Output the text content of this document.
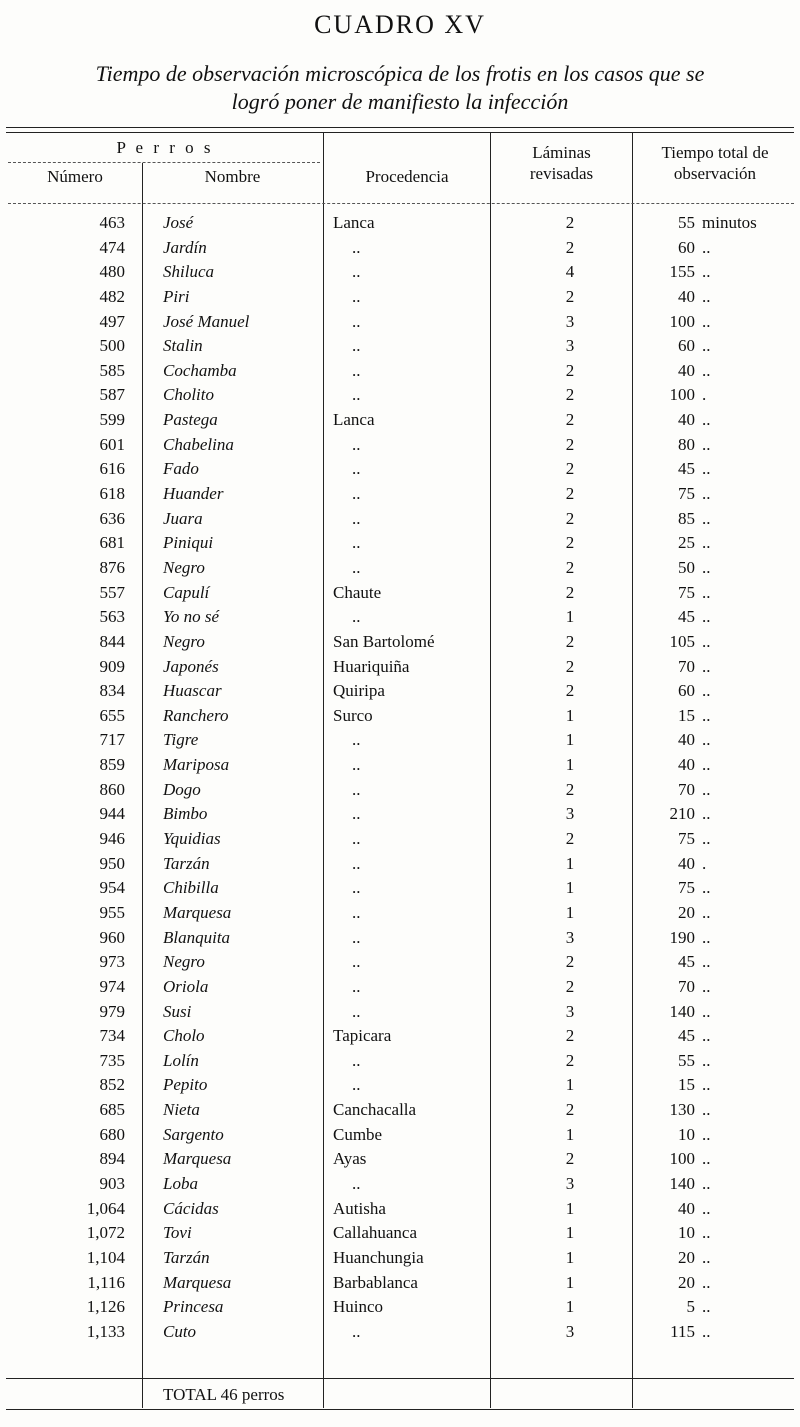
CUADRO XV
Tiempo de observación microscópica de los frotis en los casos que se
logró poner de manifiesto la infección
P e r r o s
Número	Nombre	Procedencia
Láminas
revisadas
Tiempo total de
observación
463 José	Lanca	2	55 minutos
474 Jardín	..	2	60 ..
480 Shiluca	..	4	155 ..
482 Piri	..	2	40 ..
497 José Manuel	..	3	100 ..
500 Stalin	..	3	60 ..
585 Cochamba	..	2	40 ..
587 Cholito	..	2	100 .
599 Pastega	Lanca	2	40 ..
601 Chabelina	..	2	80 ..
616 Fado	..	2	45 ..
618 Huander	..	2	75 ..
636 Juara	..	2	85 ..
681 Piniqui	..	2	25 ..
876 Negro	..	2	50 ..
557 Capulí	Chaute	2	75 ..
563 Yo no sé	..	1	45 ..
844 Negro	San Bartolomé	2	105 ..
909 Japonés	Huariquiña	2	70 ..
834 Huascar	Quiripa	2	60 ..
655 Ranchero	Surco	1	15 ..
717 Tigre	..	1	40 ..
859 Mariposa	..	1	40 ..
860 Dogo	..	2	70 ..
944 Bimbo	..	3	210 ..
946 Yquidias	..	2	75 ..
950 Tarzán	..	1	40 .
954 Chibilla	..	1	75 ..
955 Marquesa	..	1	20 ..
960 Blanquita	..	3	190 ..
973 Negro	..	2	45 ..
974 Oriola	..	2	70 ..
979 Susi	..	3	140 ..
734 Cholo	Tapicara	2	45 ..
735 Lolín	..	2	55 ..
852 Pepito	..	1	15 ..
685 Nieta	Canchacalla	2	130 ..
680 Sargento	Cumbe	1	10 ..
894 Marquesa	Ayas	2	100 ..
903 Loba	..	3	140 ..
1,064 Cácidas	Autisha	1	40 ..
1,072 Tovi	Callahuanca	1	10 ..
1,104 Tarzán	Huanchungia	1	20 ..
1,116 Marquesa	Barbablanca	1	20 ..
1,126 Princesa	Huinco	1	5 ..
1,133 Cuto	..	3	115 ..
TOTAL 46 perros
